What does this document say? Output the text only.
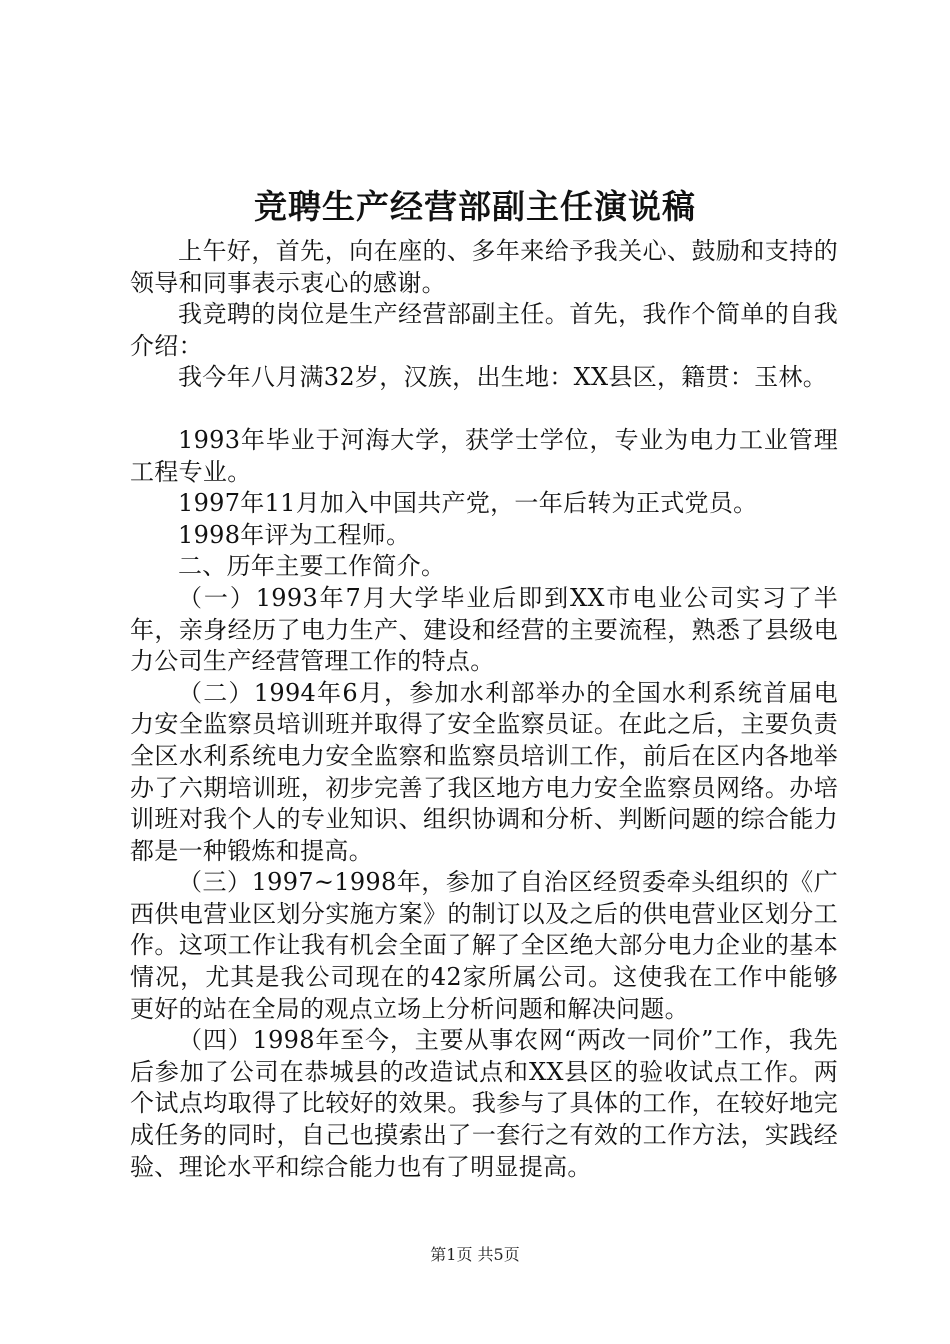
竞聘生产经营部副主任演说稿

上午好，首先，向在座的、多年来给予我关心、鼓励和支持的领导和同事表示衷心的感谢。

我竞聘的岗位是生产经营部副主任。首先，我作个简单的自我介绍：

我今年八月满32岁，汉族，出生地：XX县区，籍贯：玉林。

1993年毕业于河海大学，获学士学位，专业为电力工业管理工程专业。

1997年11月加入中国共产党，一年后转为正式党员。

1998年评为工程师。

二、历年主要工作简介。

（一）1993年7月大学毕业后即到XX市电业公司实习了半年，亲身经历了电力生产、建设和经营的主要流程，熟悉了县级电力公司生产经营管理工作的特点。

（二）1994年6月，参加水利部举办的全国水利系统首届电力安全监察员培训班并取得了安全监察员证。在此之后，主要负责全区水利系统电力安全监察和监察员培训工作，前后在区内各地举办了六期培训班，初步完善了我区地方电力安全监察员网络。办培训班对我个人的专业知识、组织协调和分析、判断问题的综合能力都是一种锻炼和提高。

（三）1997~1998年，参加了自治区经贸委牵头组织的《广西供电营业区划分实施方案》的制订以及之后的供电营业区划分工作。这项工作让我有机会全面了解了全区绝大部分电力企业的基本情况，尤其是我公司现在的42家所属公司。这使我在工作中能够更好的站在全局的观点立场上分析问题和解决问题。

（四）1998年至今，主要从事农网“两改一同价”工作，我先后参加了公司在恭城县的改造试点和XX县区的验收试点工作。两个试点均取得了比较好的效果。我参与了具体的工作，在较好地完成任务的同时，自己也摸索出了一套行之有效的工作方法，实践经验、理论水平和综合能力也有了明显提高。

第1页 共5页
